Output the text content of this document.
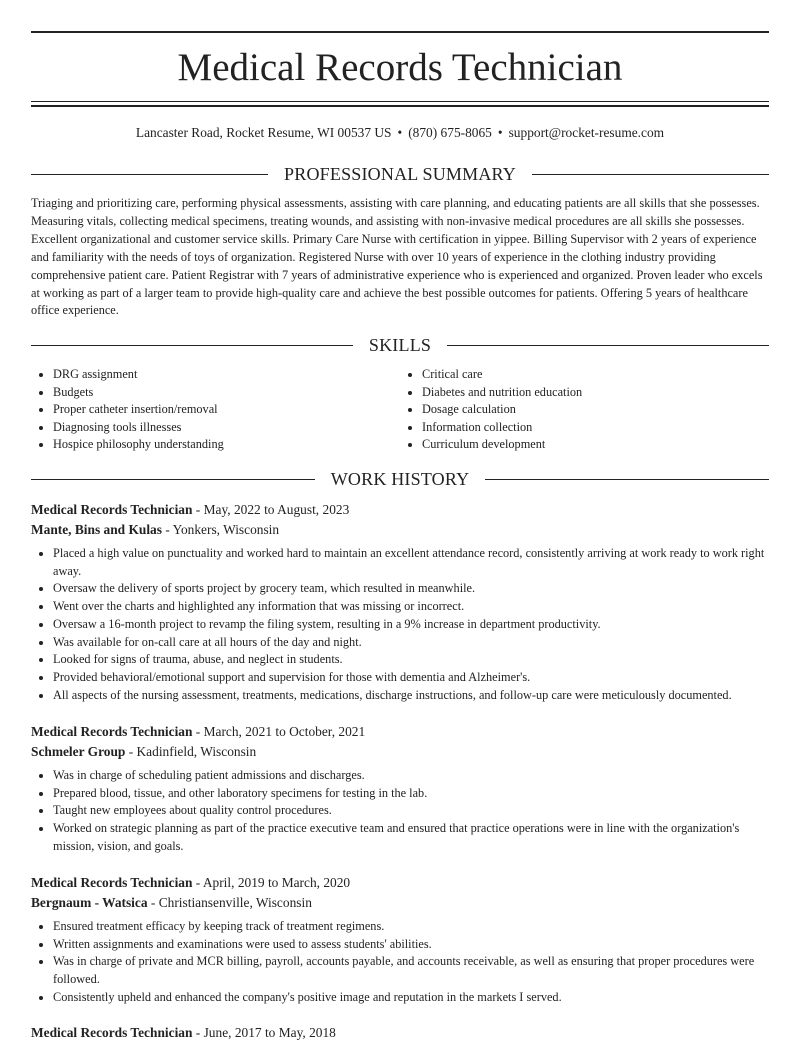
Medical Records Technician
Lancaster Road, Rocket Resume, WI 00537 US • (870) 675-8065 • support@rocket-resume.com
PROFESSIONAL SUMMARY

Triaging and prioritizing care, performing physical assessments, assisting with care planning, and educating patients are all skills that she possesses. Measuring vitals, collecting medical specimens, treating wounds, and assisting with non-invasive medical procedures are all skills she possesses. Excellent organizational and customer service skills. Primary Care Nurse with certification in yippee. Billing Supervisor with 2 years of experience and familiarity with the needs of toys of organization. Registered Nurse with over 10 years of experience in the clothing industry providing comprehensive patient care. Patient Registrar with 7 years of administrative experience who is experienced and organized. Proven leader who excels at working as part of a larger team to provide high-quality care and achieve the best possible outcomes for patients. Offering 5 years of healthcare office experience.

SKILLS
• DRG assignment
• Budgets
• Proper catheter insertion/removal
• Diagnosing tools illnesses
• Hospice philosophy understanding
• Critical care
• Diabetes and nutrition education
• Dosage calculation
• Information collection
• Curriculum development
WORK HISTORY
Medical Records Technician - May, 2022 to August, 2023
Mante, Bins and Kulas - Yonkers, Wisconsin
• Placed a high value on punctuality and worked hard to maintain an excellent attendance record, consistently arriving at work ready to work right away.
• Oversaw the delivery of sports project by grocery team, which resulted in meanwhile.
• Went over the charts and highlighted any information that was missing or incorrect.
• Oversaw a 16-month project to revamp the filing system, resulting in a 9% increase in department productivity.
• Was available for on-call care at all hours of the day and night.
• Looked for signs of trauma, abuse, and neglect in students.
• Provided behavioral/emotional support and supervision for those with dementia and Alzheimer's.
• All aspects of the nursing assessment, treatments, medications, discharge instructions, and follow-up care were meticulously documented.
Medical Records Technician - March, 2021 to October, 2021
Schmeler Group - Kadinfield, Wisconsin
• Was in charge of scheduling patient admissions and discharges.
• Prepared blood, tissue, and other laboratory specimens for testing in the lab.
• Taught new employees about quality control procedures.
• Worked on strategic planning as part of the practice executive team and ensured that practice operations were in line with the organization's mission, vision, and goals.
Medical Records Technician - April, 2019 to March, 2020
Bergnaum - Watsica - Christiansenville, Wisconsin
• Ensured treatment efficacy by keeping track of treatment regimens.
• Written assignments and examinations were used to assess students' abilities.
• Was in charge of private and MCR billing, payroll, accounts payable, and accounts receivable, as well as ensuring that proper procedures were followed.
• Consistently upheld and enhanced the company's positive image and reputation in the markets I served.
Medical Records Technician - June, 2017 to May, 2018
